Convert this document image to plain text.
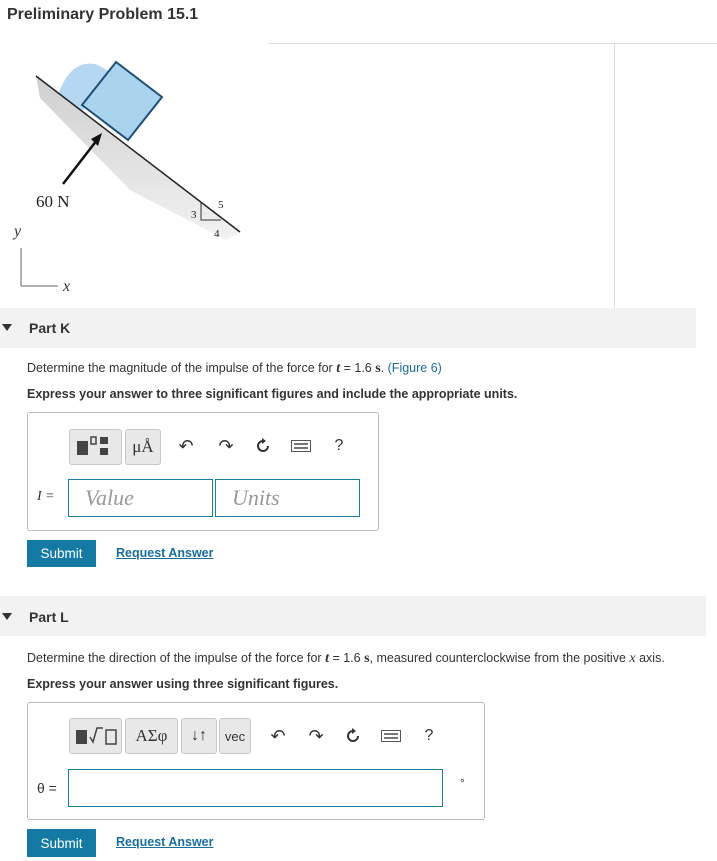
Preliminary Problem 15.1
3
5
4
60 N
y
x
Part K
Determine the magnitude of the impulse of the force for t = 1.6 s. (Figure 6)
Express your answer to three significant figures and include the appropriate units.
μÅ	↶ ↷	?
I =	Value	Units
Submit	Request Answer
Part L
Determine the direction of the impulse of the force for t = 1.6 s, measured counterclockwise from the positive x axis.
Express your answer using three significant figures.
ΑΣφ	↓↑	vec	↶ ↷	?
θ =	°
Submit	Request Answer
